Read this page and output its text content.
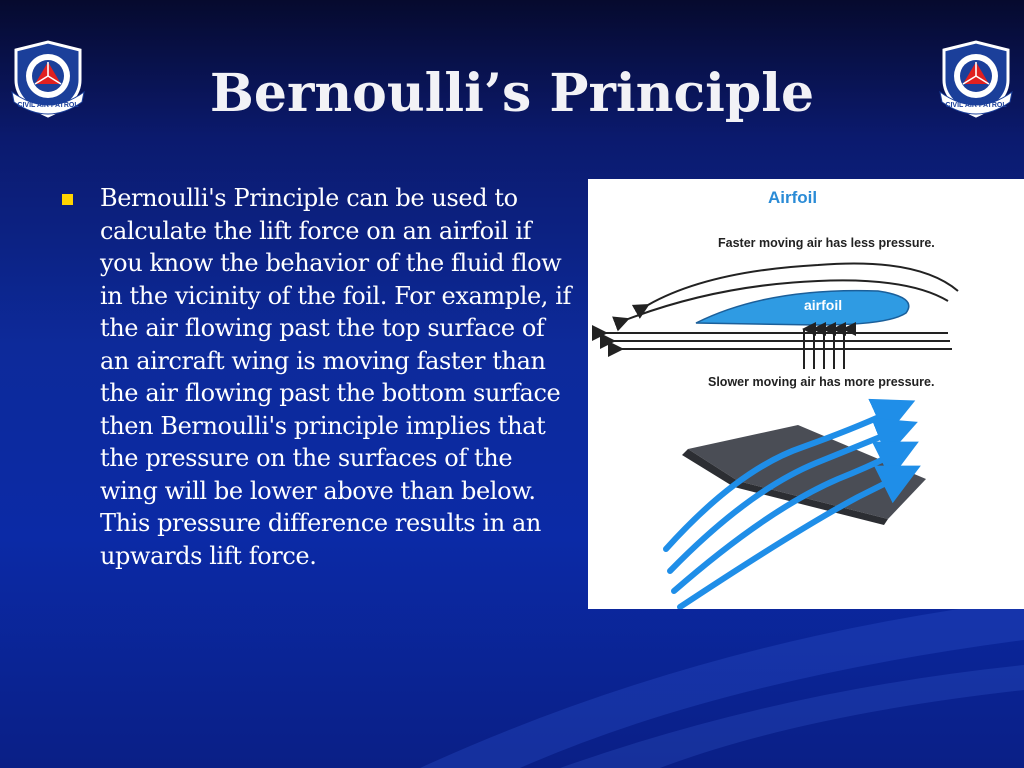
CIVIL AIR PATROL	CIVIL AIR PATROL
Bernoulli’s Principle
Bernoulli's Principle can be used to calculate the lift force on an airfoil if you know the behavior of the fluid flow in the vicinity of the foil. For example, if the air flowing past the top surface of an aircraft wing is moving faster than the air flowing past the bottom surface then Bernoulli's principle implies that the pressure on the surfaces of the wing will be lower above than below. This pressure difference results in an upwards lift force.
Airfoil
Faster moving air has less pressure.
airfoil
Slower moving air has more pressure.
